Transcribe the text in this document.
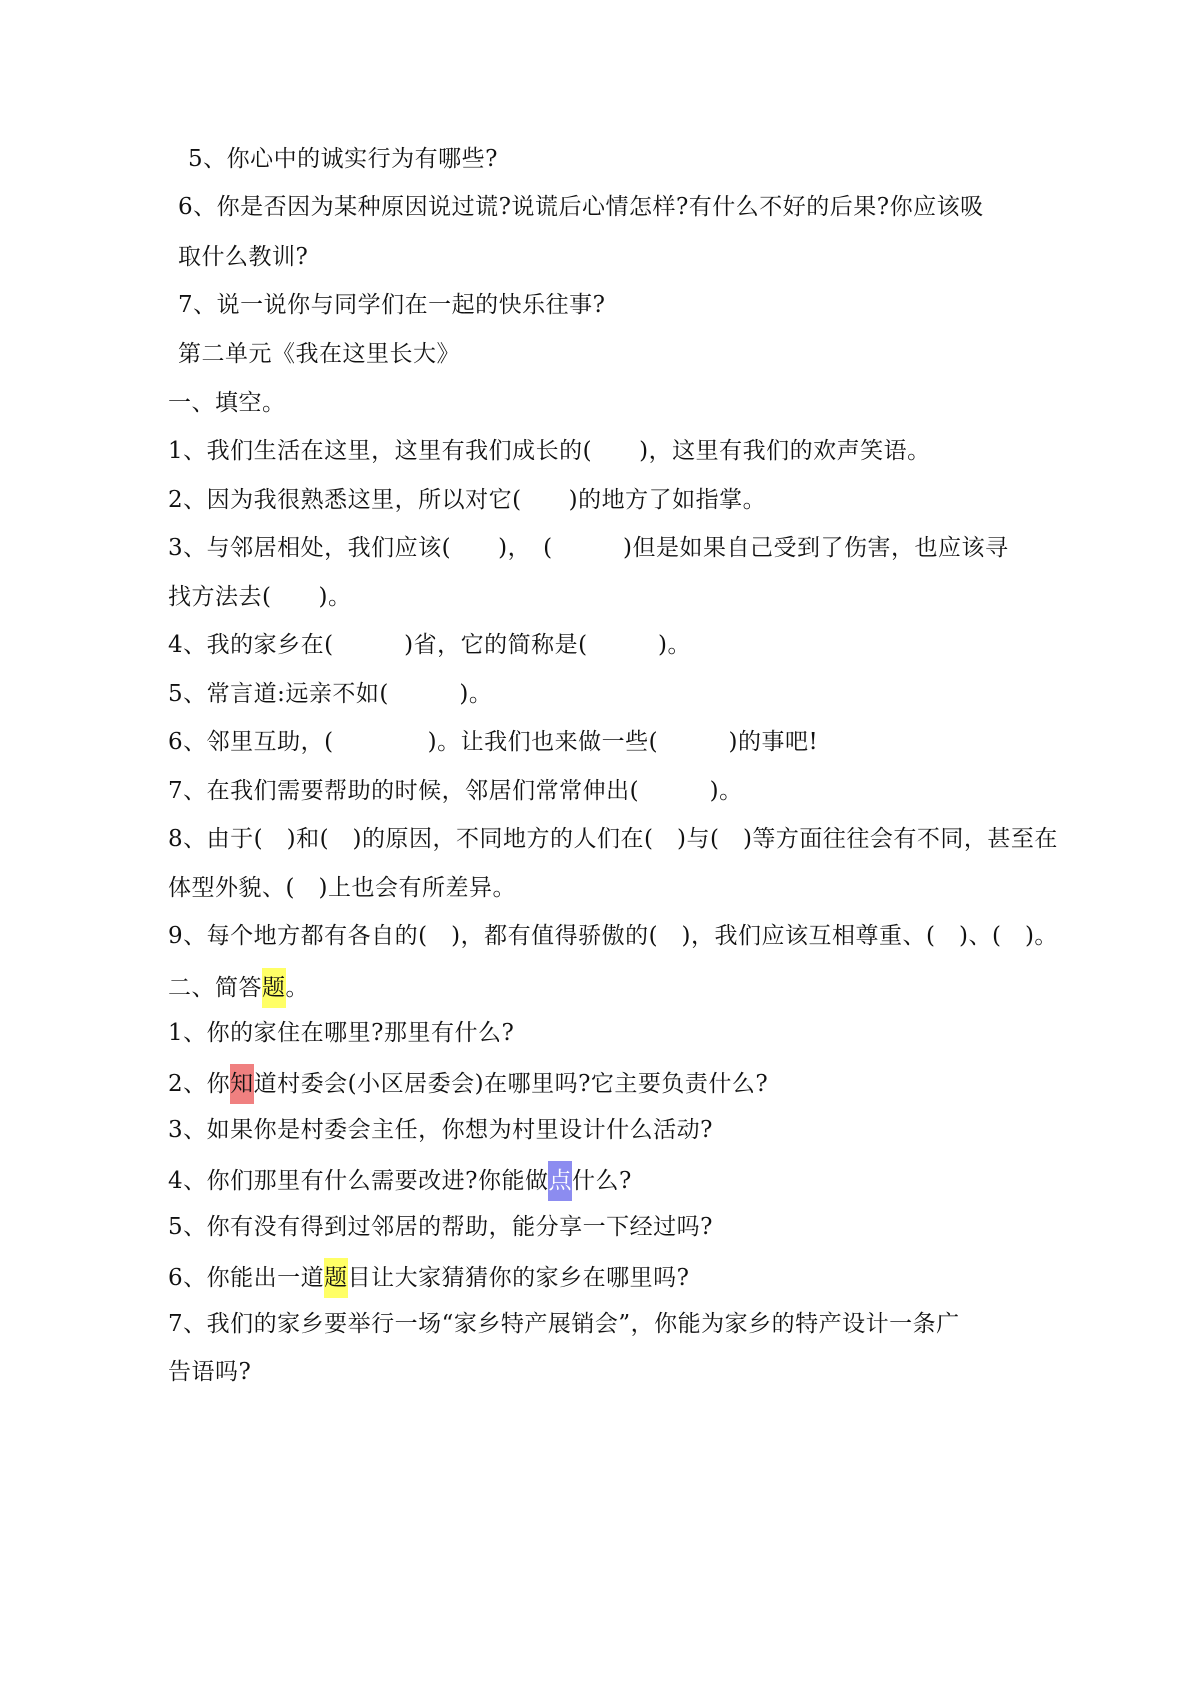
5、你心中的诚实行为有哪些?
6、你是否因为某种原因说过谎?说谎后心情怎样?有什么不好的后果?你应该吸
取什么教训?
7、说一说你与同学们在一起的快乐往事?
第二单元《我在这里长大》
一、填空。
1、我们生活在这里，这里有我们成长的(　　)，这里有我们的欢声笑语。
2、因为我很熟悉这里，所以对它(　　)的地方了如指掌。
3、与邻居相处，我们应该(　　)，　(　　　)但是如果自己受到了伤害，也应该寻
找方法去(　　)。
4、我的家乡在(　　　)省，它的简称是(　　　)。
5、常言道:远亲不如(　　　)。
6、邻里互助，(　　　　)。让我们也来做一些(　　　)的事吧!
7、在我们需要帮助的时候，邻居们常常伸出(　　　)。
8、由于(　)和(　)的原因，不同地方的人们在(　)与(　)等方面往往会有不同，甚至在
体型外貌、(　)上也会有所差异。
9、每个地方都有各自的(　)，都有值得骄傲的(　)，我们应该互相尊重、(　)、(　)。
二、简答题。
1、你的家住在哪里?那里有什么?
2、你知道村委会(小区居委会)在哪里吗?它主要负责什么?
3、如果你是村委会主任，你想为村里设计什么活动?
4、你们那里有什么需要改进?你能做点什么?
5、你有没有得到过邻居的帮助，能分享一下经过吗?
6、你能出一道题目让大家猜猜你的家乡在哪里吗?
7、我们的家乡要举行一场“家乡特产展销会”，你能为家乡的特产设计一条广
告语吗?
